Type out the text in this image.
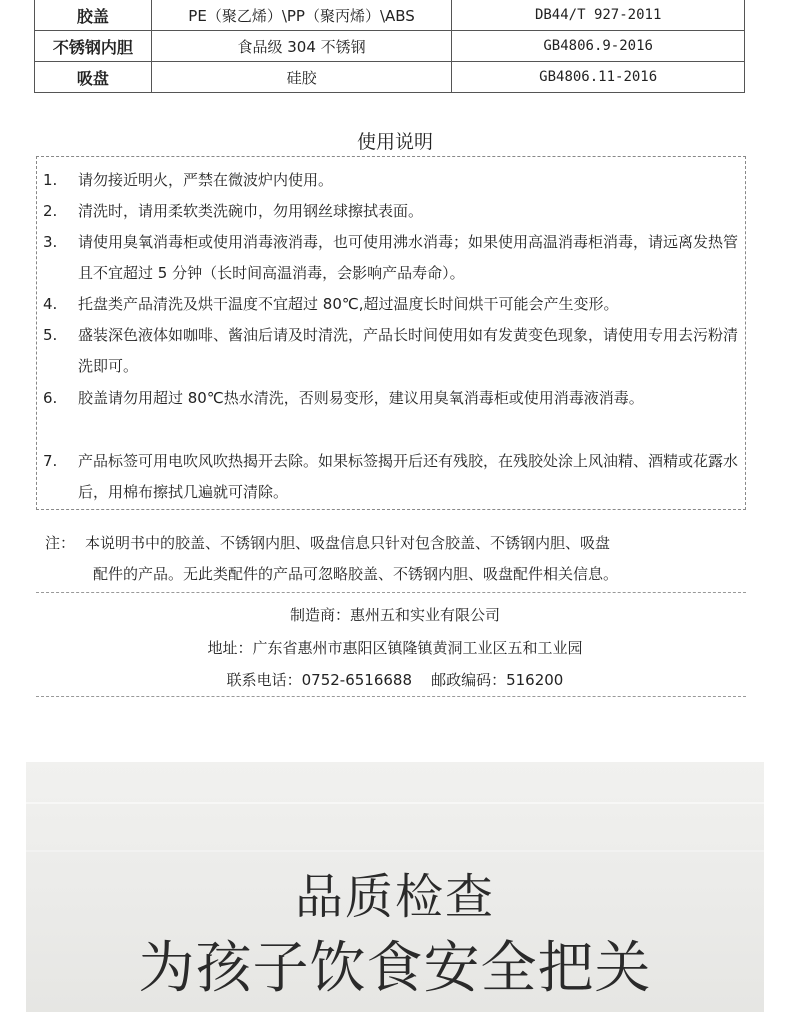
胶盖	PE（聚乙烯）\PP（聚丙烯）\ABS	DB44/T 927-2011
不锈钢内胆	食品级 304 不锈钢	GB4806.9-2016
吸盘	硅胶	GB4806.11-2016
使用说明
1.	请勿接近明火，严禁在微波炉内使用。
2.	清洗时，请用柔软类洗碗巾，勿用钢丝球擦拭表面。
3.	请使用臭氧消毒柜或使用消毒液消毒，也可使用沸水消毒；如果使用高温消毒柜消毒，请远离发热管且不宜超过 5 分钟（长时间高温消毒，会影响产品寿命）。
4.	托盘类产品清洗及烘干温度不宜超过 80℃,超过温度长时间烘干可能会产生变形。
5.	盛装深色液体如咖啡、酱油后请及时清洗，产品长时间使用如有发黄变色现象，请使用专用去污粉清洗即可。
6.	胶盖请勿用超过 80℃热水清洗，否则易变形，建议用臭氧消毒柜或使用消毒液消毒。
7.	产品标签可用电吹风吹热揭开去除。如果标签揭开后还有残胶，在残胶处涂上风油精、酒精或花露水后，用棉布擦拭几遍就可清除。
注： 本说明书中的胶盖、不锈钢内胆、吸盘信息只针对包含胶盖、不锈钢内胆、吸盘
配件的产品。无此类配件的产品可忽略胶盖、不锈钢内胆、吸盘配件相关信息。
制造商：惠州五和实业有限公司
地址：广东省惠州市惠阳区镇隆镇黄洞工业区五和工业园
联系电话：0752-6516688    邮政编码：516200
品质检查
为孩子饮食安全把关
